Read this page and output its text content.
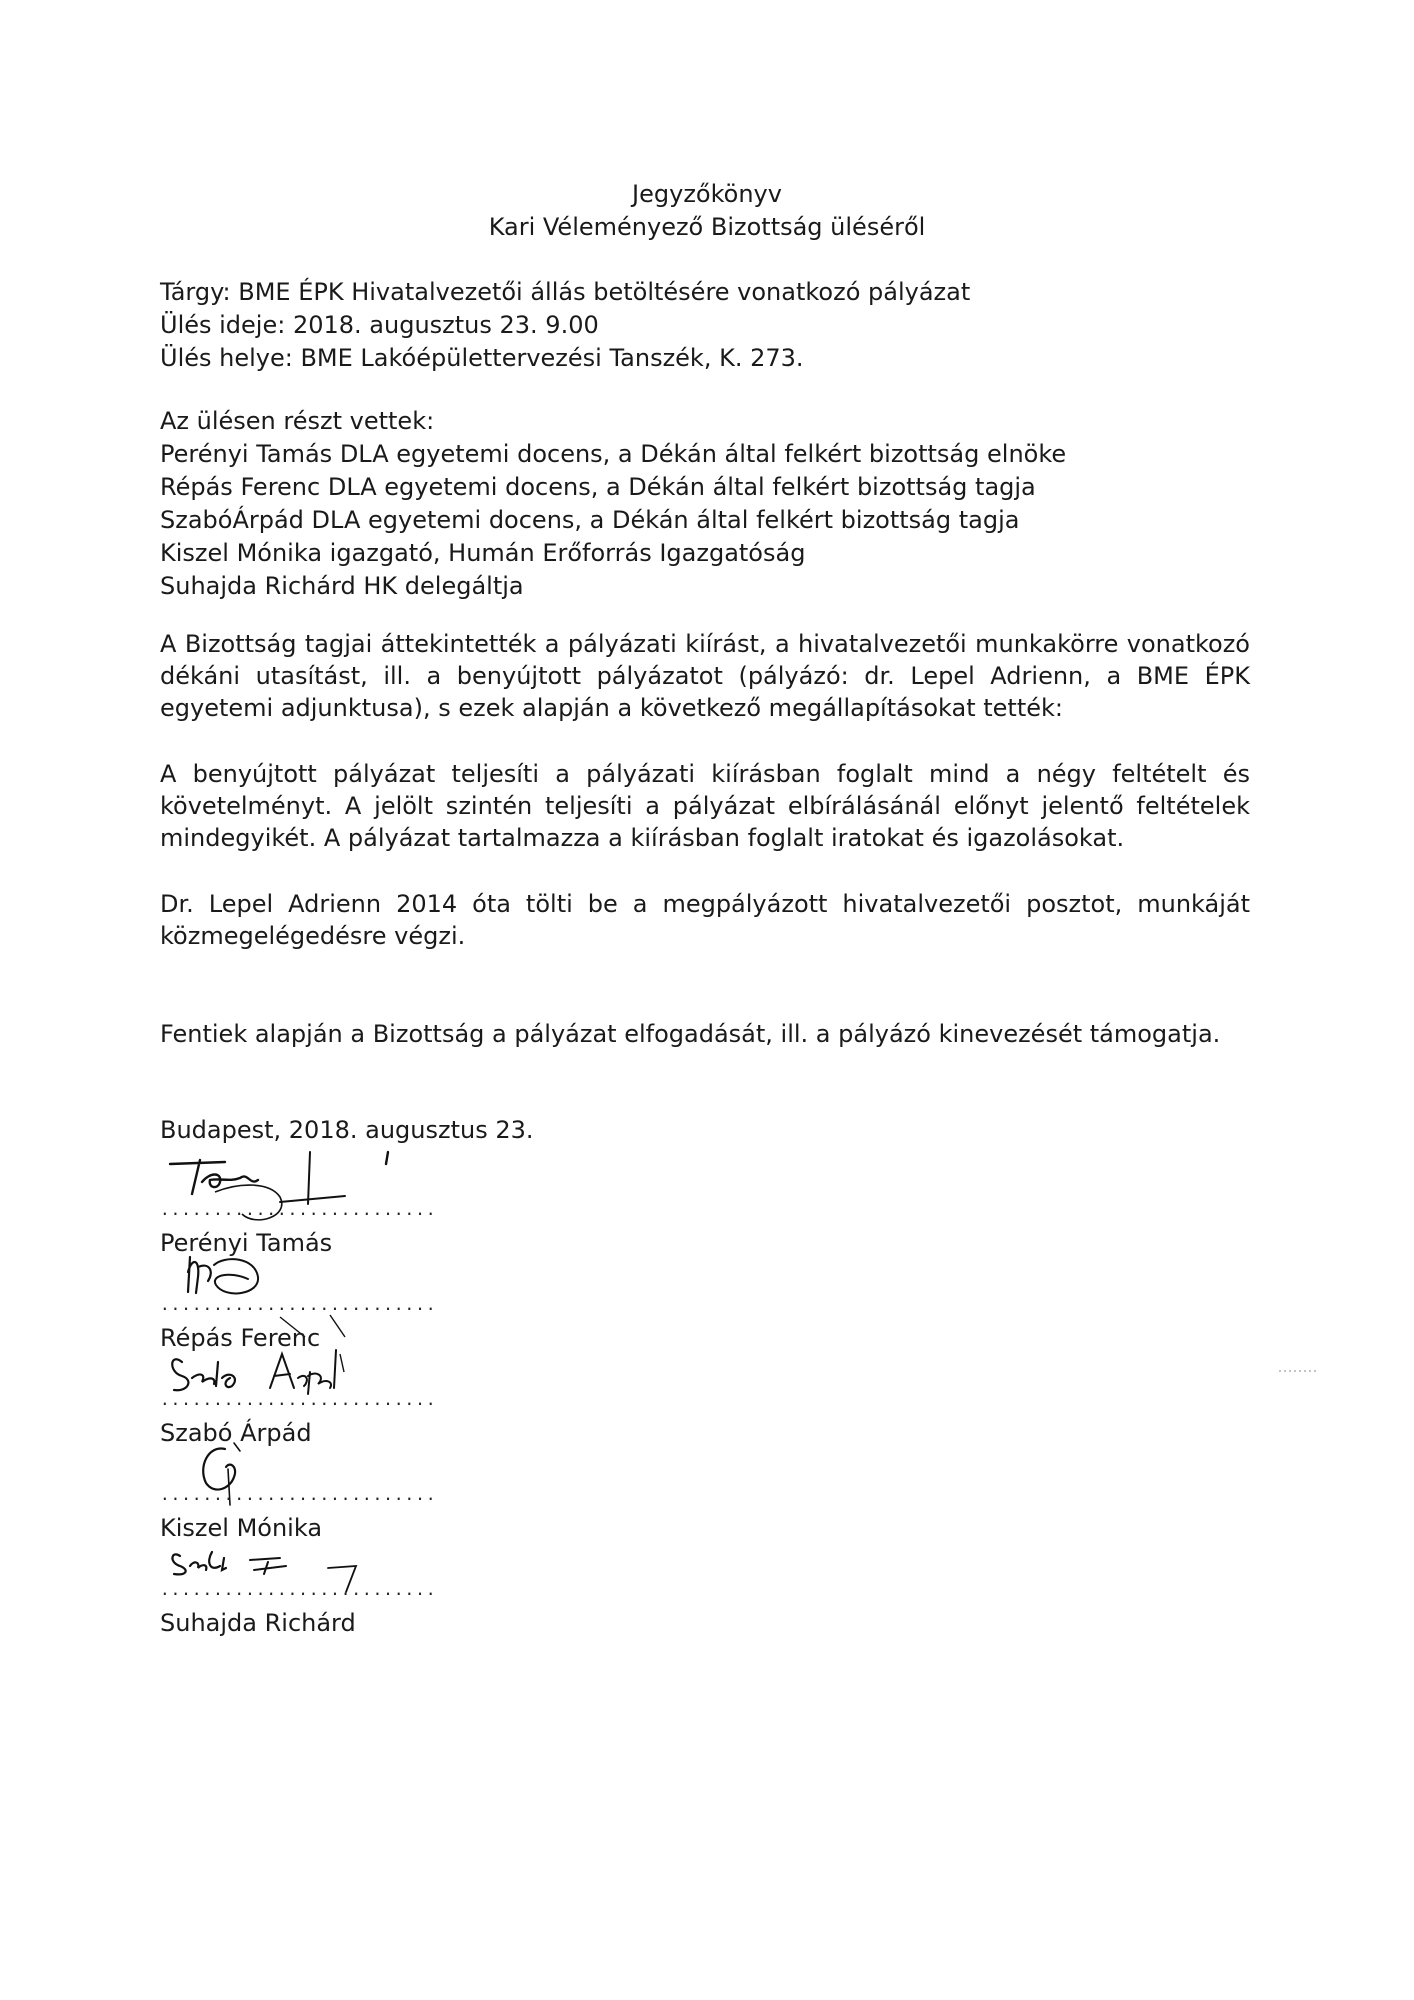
Jegyzőkönyv
Kari Véleményező Bizottság üléséről
Tárgy: BME ÉPK Hivatalvezetői állás betöltésére vonatkozó pályázat
Ülés ideje: 2018. augusztus 23. 9.00
Ülés helye: BME Lakóépülettervezési Tanszék, K. 273.
Az ülésen részt vettek:
Perényi Tamás DLA egyetemi docens, a Dékán által felkért bizottság elnöke
Répás Ferenc DLA egyetemi docens, a Dékán által felkért bizottság tagja
SzabóÁrpád DLA egyetemi docens, a Dékán által felkért bizottság tagja
Kiszel Mónika igazgató, Humán Erőforrás Igazgatóság
Suhajda Richárd HK delegáltja
A Bizottság tagjai áttekintették a pályázati kiírást, a hivatalvezetői munkakörre vonatkozó dékáni utasítást, ill. a benyújtott pályázatot (pályázó: dr. Lepel Adrienn, a BME ÉPK egyetemi adjunktusa), s ezek alapján a következő megállapításokat tették:
A benyújtott pályázat teljesíti a pályázati kiírásban foglalt mind a négy feltételt és követelményt. A jelölt szintén teljesíti a pályázat elbírálásánál előnyt jelentő feltételek mindegyikét. A pályázat tartalmazza a kiírásban foglalt iratokat és igazolásokat.
Dr. Lepel Adrienn 2014 óta tölti be a megpályázott hivatalvezetői posztot, munkáját közmegelégedésre végzi.
Fentiek alapján a Bizottság a pályázat elfogadását, ill. a pályázó kinevezését támogatja.
Budapest, 2018. augusztus 23.
..........................
Perényi Tamás
..........................
Répás Ferenc
..........................
Szabó Árpád
..........................
Kiszel Mónika
..........................
Suhajda Richárd
